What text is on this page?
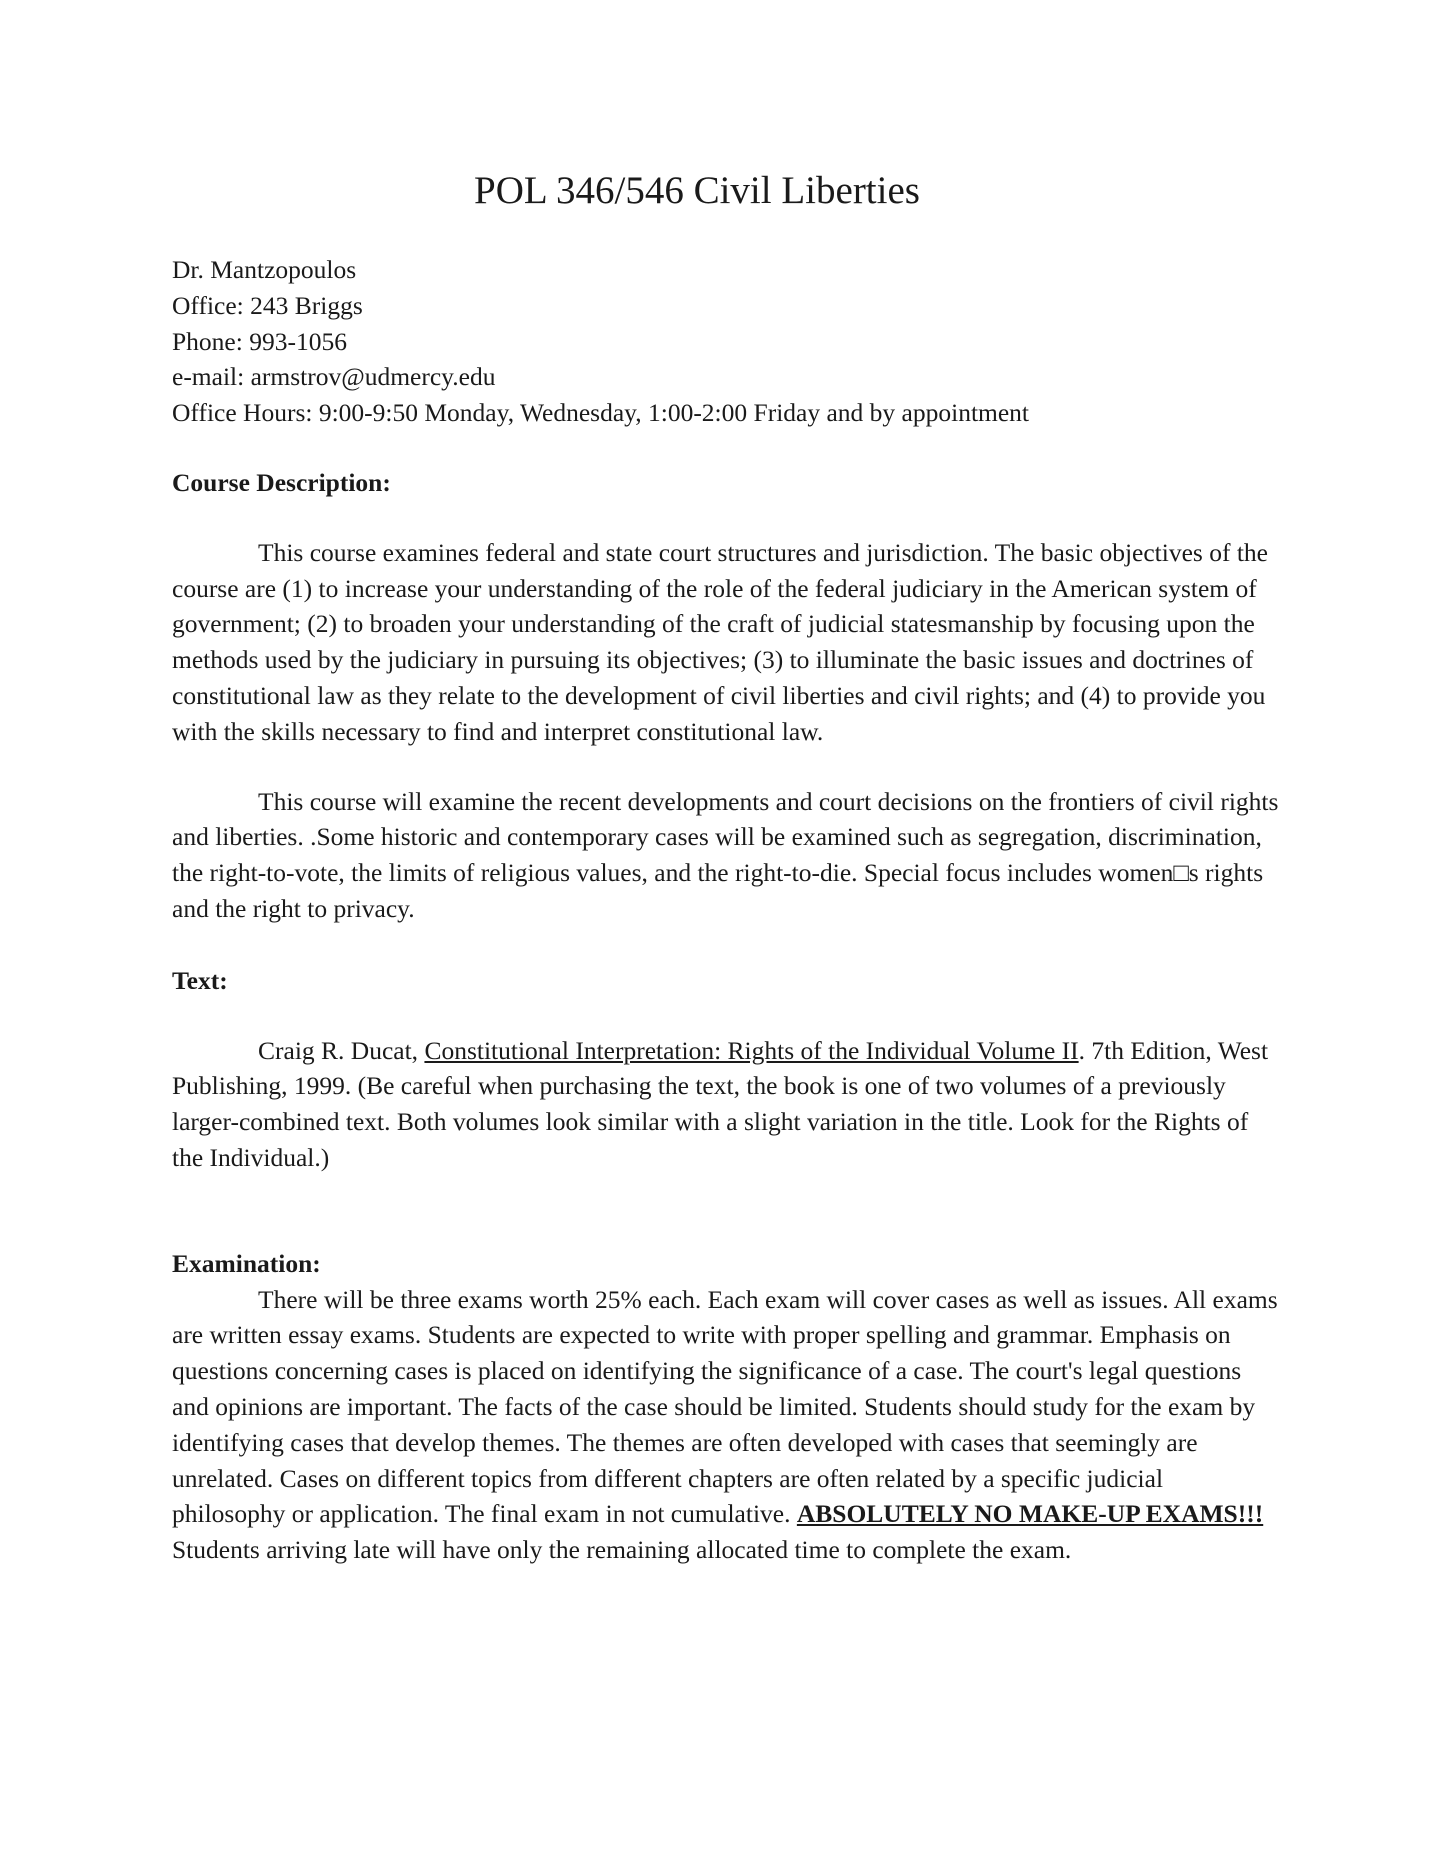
POL 346/546 Civil Liberties

Dr. Mantzopoulos

Office: 243 Briggs

Phone: 993-1056

e-mail: armstrov@udmercy.edu

Office Hours: 9:00-9:50 Monday, Wednesday, 1:00-2:00 Friday and by appointment

Course Description:

This course examines federal and state court structures and jurisdiction. The basic objectives of the course are (1) to increase your understanding of the role of the federal judiciary in the American system of government; (2) to broaden your understanding of the craft of judicial statesmanship by focusing upon the methods used by the judiciary in pursuing its objectives; (3) to illuminate the basic issues and doctrines of constitutional law as they relate to the development of civil liberties and civil rights; and (4) to provide you with the skills necessary to find and interpret constitutional law.

This course will examine the recent developments and court decisions on the frontiers of civil rights and liberties. .Some historic and contemporary cases will be examined such as segregation, discrimination, the right-to-vote, the limits of religious values, and the right-to-die. Special focus includes women□s rights and the right to privacy.

Text:

Craig R. Ducat, Constitutional Interpretation: Rights of the Individual Volume II. 7th Edition, West Publishing, 1999. (Be careful when purchasing the text, the book is one of two volumes of a previously larger-combined text. Both volumes look similar with a slight variation in the title. Look for the Rights of the Individual.)

Examination:

There will be three exams worth 25% each. Each exam will cover cases as well as issues. All exams are written essay exams. Students are expected to write with proper spelling and grammar. Emphasis on questions concerning cases is placed on identifying the significance of a case. The court's legal questions and opinions are important. The facts of the case should be limited. Students should study for the exam by identifying cases that develop themes. The themes are often developed with cases that seemingly are unrelated. Cases on different topics from different chapters are often related by a specific judicial philosophy or application. The final exam in not cumulative. ABSOLUTELY NO MAKE-UP EXAMS!!! Students arriving late will have only the remaining allocated time to complete the exam.
